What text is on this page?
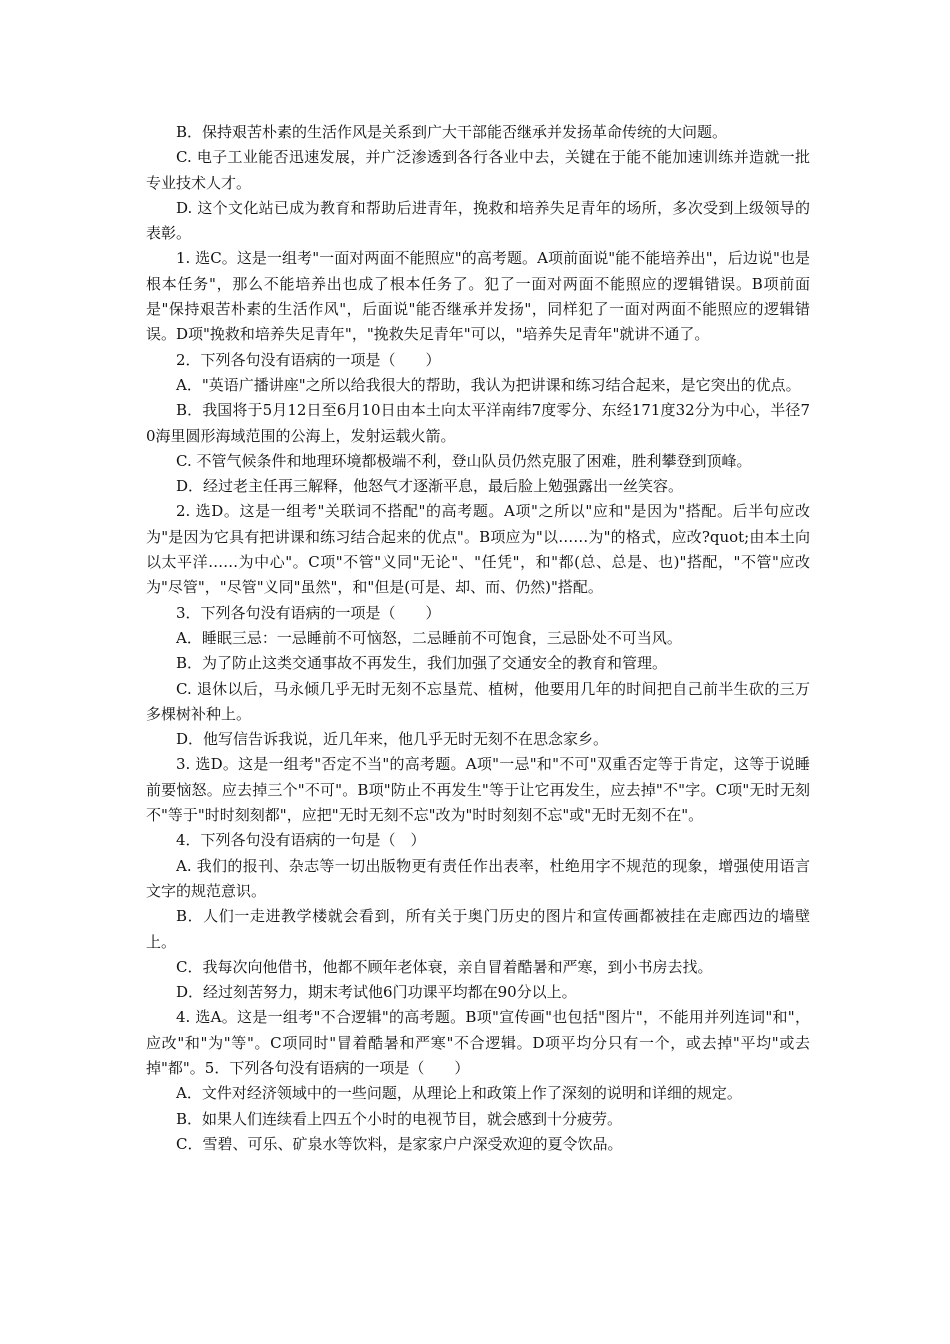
B．保持艰苦朴素的生活作风是关系到广大干部能否继承并发扬革命传统的大问题。

C. 电子工业能否迅速发展，并广泛渗透到各行各业中去，关键在于能不能加速训练并造就一批专业技术人才。

D. 这个文化站已成为教育和帮助后进青年，挽救和培养失足青年的场所，多次受到上级领导的表彰。

1. 选C。这是一组考"一面对两面不能照应"的高考题。A项前面说"能不能培养出"，后边说"也是根本任务"，那么不能培养出也成了根本任务了。犯了一面对两面不能照应的逻辑错误。B项前面是"保持艰苦朴素的生活作风"，后面说"能否继承并发扬"，同样犯了一面对两面不能照应的逻辑错误。D项"挽救和培养失足青年"，"挽救失足青年"可以，"培养失足青年"就讲不通了。

2．下列各句没有语病的一项是（　　）

A．"英语广播讲座"之所以给我很大的帮助，我认为把讲课和练习结合起来，是它突出的优点。

B．我国将于5月12日至6月10日由本土向太平洋南纬7度零分、东经171度32分为中心，半径70海里圆形海域范围的公海上，发射运载火箭。

C. 不管气候条件和地理环境都极端不利，登山队员仍然克服了困难，胜利攀登到顶峰。

D．经过老主任再三解释，他怒气才逐渐平息，最后脸上勉强露出一丝笑容。

2. 选D。这是一组考"关联词不搭配"的高考题。A项"之所以"应和"是因为"搭配。后半句应改为"是因为它具有把讲课和练习结合起来的优点"。B项应为"以……为"的格式，应改?quot;由本土向以太平洋……为中心"。C项"不管"义同"无论"、"任凭"，和"都(总、总是、也)"搭配，"不管"应改为"尽管"，"尽管"义同"虽然"，和"但是(可是、却、而、仍然)"搭配。

3．下列各句没有语病的一项是（　　）

A．睡眠三忌：一忌睡前不可恼怒，二忌睡前不可饱食，三忌卧处不可当风。

B．为了防止这类交通事故不再发生，我们加强了交通安全的教育和管理。

C. 退休以后，马永倾几乎无时无刻不忘垦荒、植树，他要用几年的时间把自己前半生砍的三万多棵树补种上。

D．他写信告诉我说，近几年来，他几乎无时无刻不在思念家乡。

3. 选D。这是一组考"否定不当"的高考题。A项"一忌"和"不可"双重否定等于肯定，这等于说睡前要恼怒。应去掉三个"不可"。B项"防止不再发生"等于让它再发生，应去掉"不"字。C项"无时无刻不"等于"时时刻刻都"，应把"无时无刻不忘"改为"时时刻刻不忘"或"无时无刻不在"。

4．下列各句没有语病的一句是（　）

A. 我们的报刊、杂志等一切出版物更有责任作出表率，杜绝用字不规范的现象，增强使用语言文字的规范意识。

B．人们一走进教学楼就会看到，所有关于奥门历史的图片和宣传画都被挂在走廊西边的墙壁上。

C．我每次向他借书，他都不顾年老体衰，亲自冒着酷暑和严寒，到小书房去找。

D．经过刻苦努力，期末考试他6门功课平均都在90分以上。

4. 选A。这是一组考"不合逻辑"的高考题。B项"宣传画"也包括"图片"，不能用并列连词"和"，应改"和"为"等"。C项同时"冒着酷暑和严寒"不合逻辑。D项平均分只有一个，或去掉"平均"或去掉"都"。5．下列各句没有语病的一项是（　　）

A．文件对经济领域中的一些问题，从理论上和政策上作了深刻的说明和详细的规定。

B．如果人们连续看上四五个小时的电视节目，就会感到十分疲劳。

C．雪碧、可乐、矿泉水等饮料，是家家户户深受欢迎的夏令饮品。
